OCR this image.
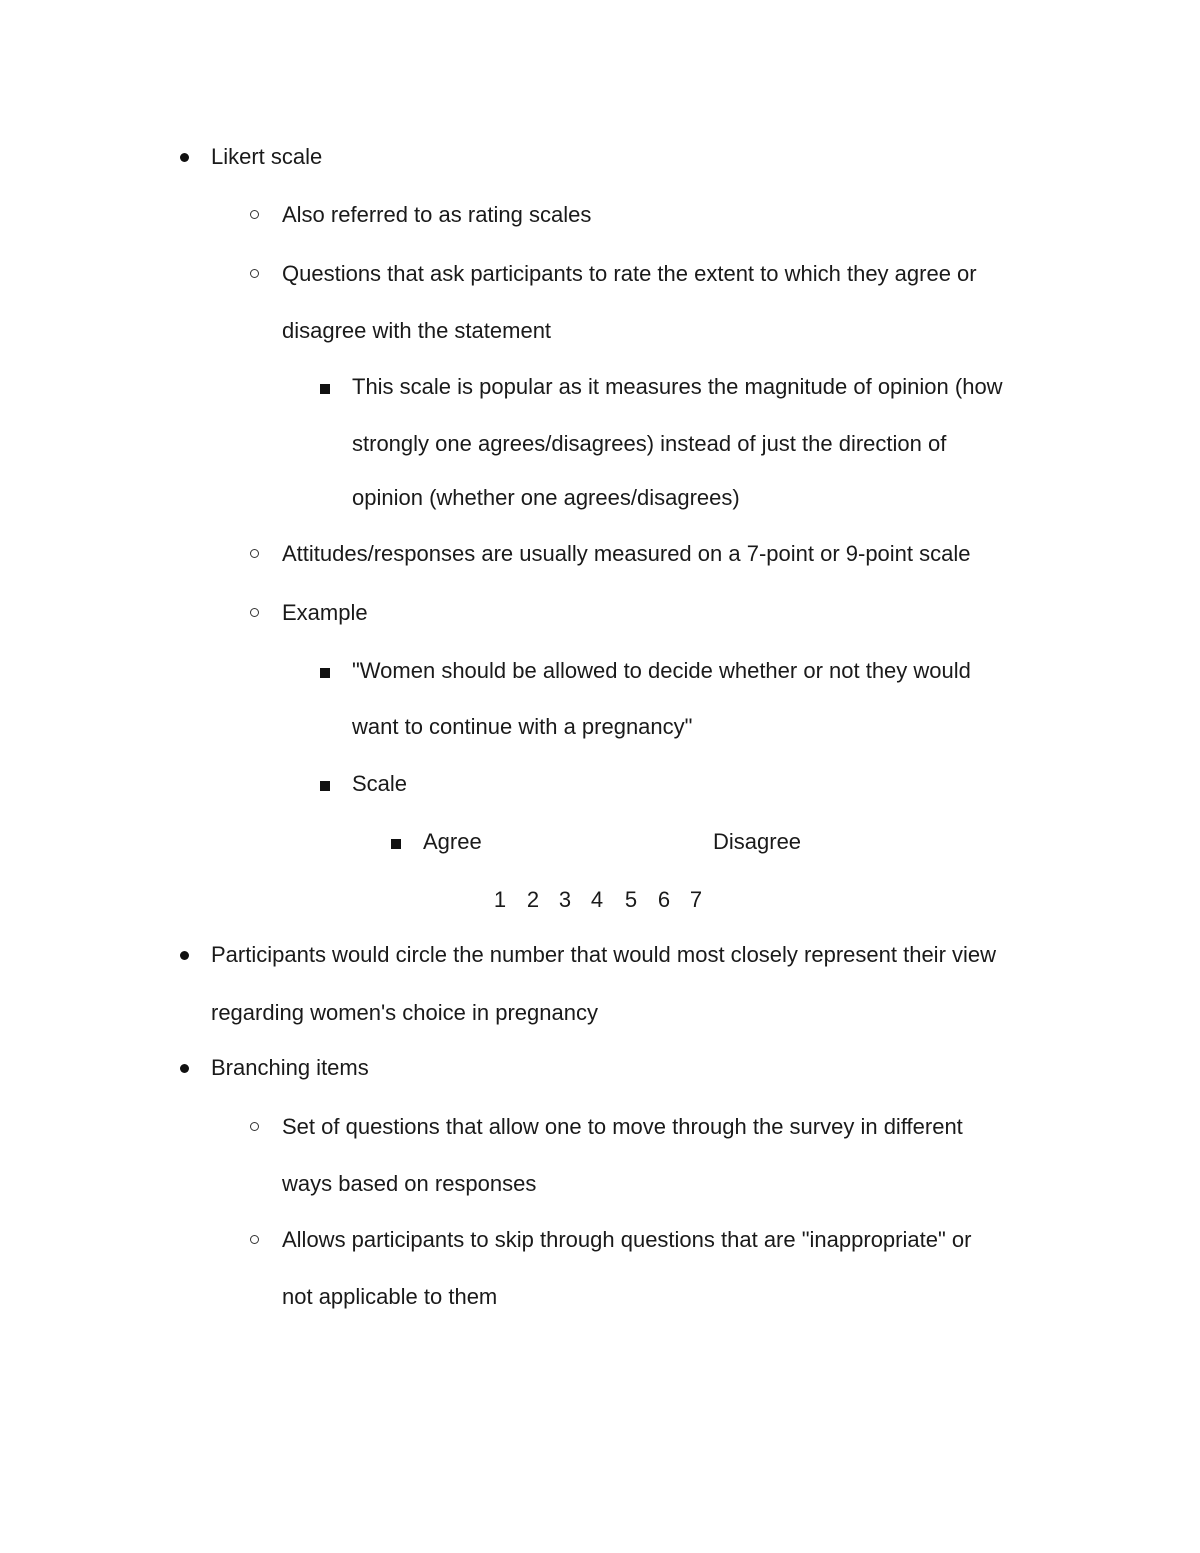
Likert scale
Also referred to as rating scales
Questions that ask participants to rate the extent to which they agree or
disagree with the statement
This scale is popular as it measures the magnitude of opinion (how
strongly one agrees/disagrees) instead of just the direction of
opinion (whether one agrees/disagrees)
Attitudes/responses are usually measured on a 7-point or 9-point scale
Example
"Women should be allowed to decide whether or not they would
want to continue with a pregnancy"
Scale
Agree	Disagree
1 2 3 4 5 6 7
Participants would circle the number that would most closely represent their view
regarding women's choice in pregnancy
Branching items
Set of questions that allow one to move through the survey in different
ways based on responses
Allows participants to skip through questions that are "inappropriate" or
not applicable to them
